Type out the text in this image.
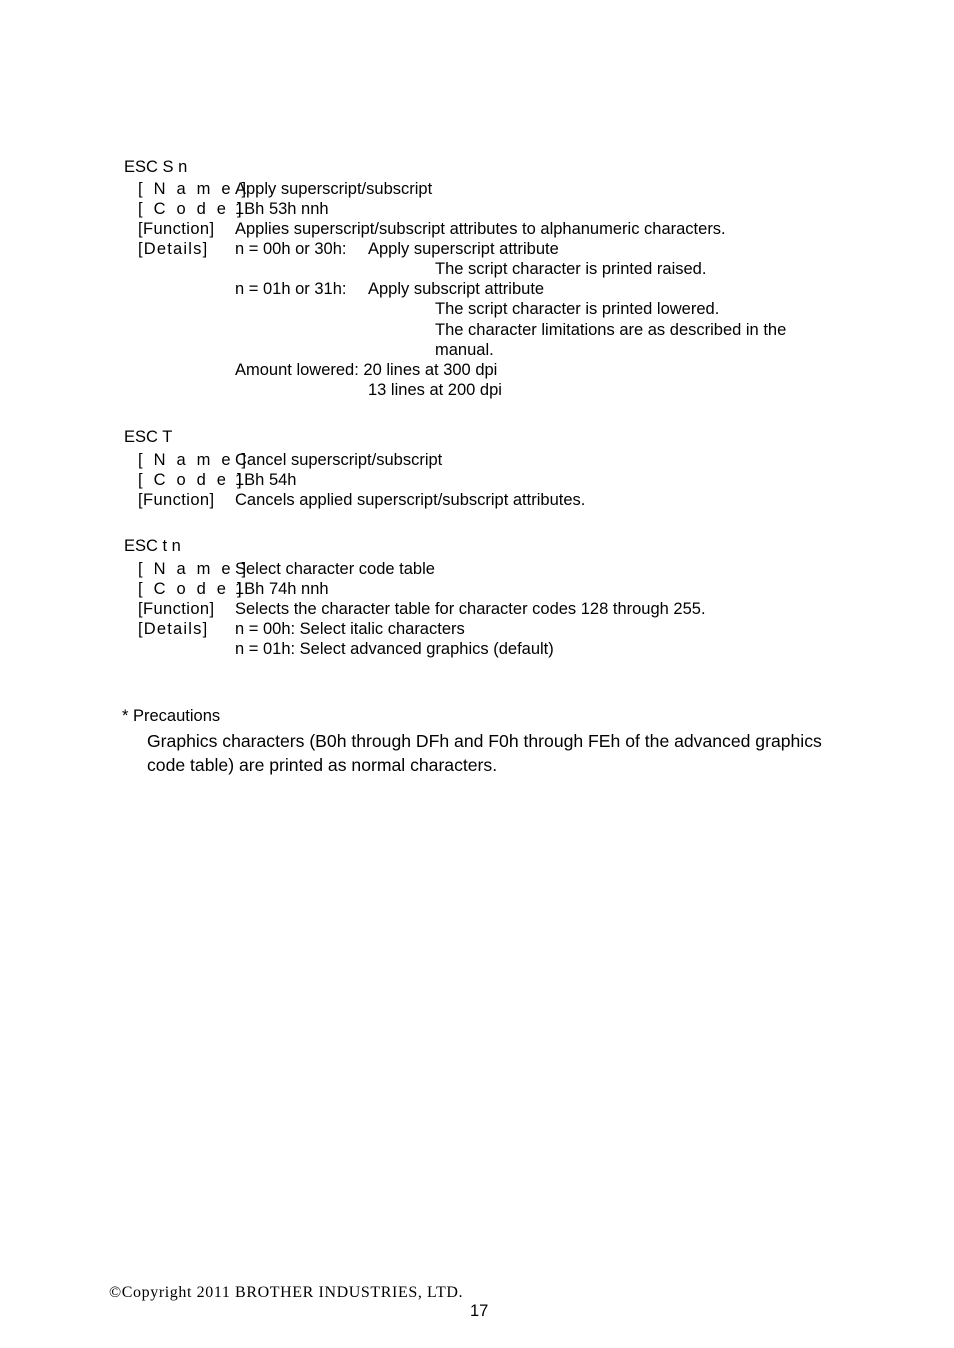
ESC S n
[ N a m e ]
Apply superscript/subscript
[ C o d e ]
1Bh 53h nnh
[Function] Applies superscript/subscript attributes to alphanumeric characters.
[Details] n = 00h or 30h: Apply superscript attribute
The script character is printed raised.
n = 01h or 31h: Apply subscript attribute
The script character is printed lowered.
The character limitations are as described in the
manual.
Amount lowered: 20 lines at 300 dpi
13 lines at 200 dpi
ESC T
[ N a m e ]
Cancel superscript/subscript
[ C o d e ]
1Bh 54h
[Function] Cancels applied superscript/subscript attributes.
ESC t n
[ N a m e ]
Select character code table
[ C o d e ]
1Bh 74h nnh
[Function] Selects the character table for character codes 128 through 255.
[Details] n = 00h: Select italic characters
n = 01h: Select advanced graphics (default)
* Precautions
Graphics characters (B0h through DFh and F0h through FEh of the advanced graphics
code table) are printed as normal characters.
©Copyright 2011 BROTHER INDUSTRIES, LTD.
17
